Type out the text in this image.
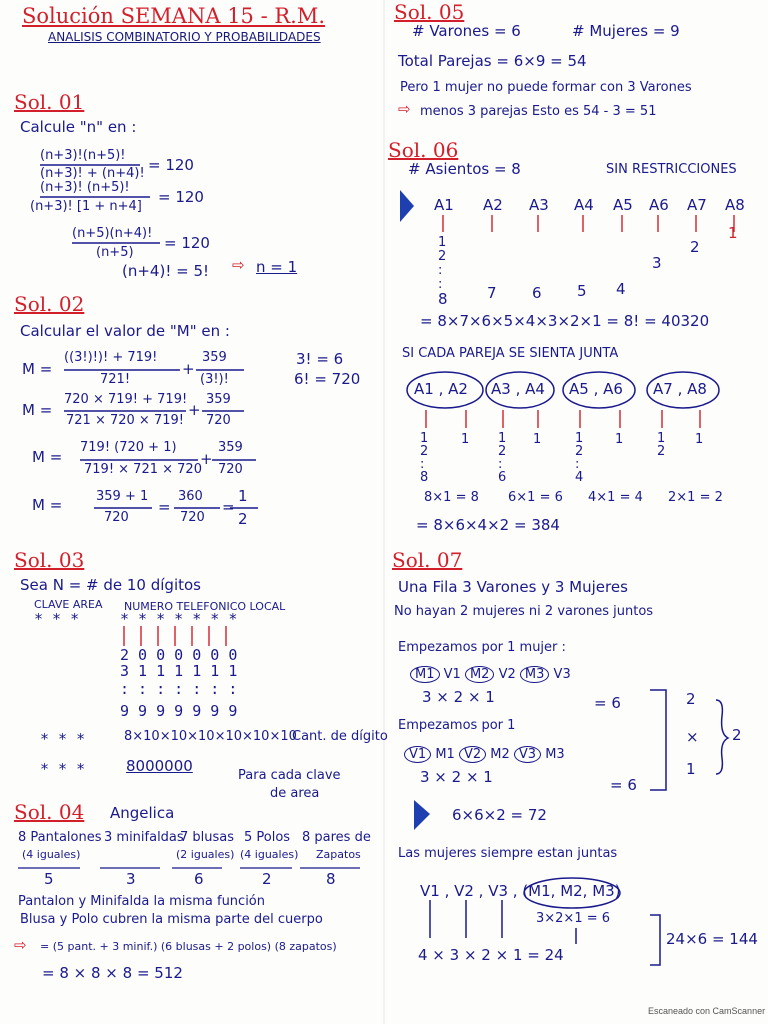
Solución SEMANA 15 - R.M.
ANALISIS COMBINATORIO Y PROBABILIDADES
Sol. 01
Calcule "n" en :
(n+3)!(n+5)!
(n+3)! + (n+4)! = 120
(n+3)! (n+5)!
(n+3)! [1 + n+4]
= 120
(n+5)(n+4)!
(n+5)
= 120
(n+4)! = 5! ⇨ n = 1
Sol. 02
Calcular el valor de "M" en :
M =
((3!)!)! + 719!
721!
+
359
(3!)!
3! = 6
6! = 720
M =
720 × 719! + 719!
721 × 720 × 719!
+
359
720
M =
719! (720 + 1)
719! × 721 × 720
+
359
720
M =	359 + 1
720
=
360
720
=
1
2
Sol. 03
Sea N = # de 10 dígitos
CLAVE AREA NUMERO TELEFONICO LOCAL
* * *	* * * * * * *
2 0 0 0 0 0 0
3 1 1 1 1 1 1
: : : : : : :
9 9 9 9 9 9 9
* * *	8×10×10×10×10×10×10
Cant. de dígito
* * *	8000000
Para cada clave
de area
Sol. 04 Angelica
8 Pantalones
(4 iguales)
3 minifaldas
7 blusas
(2 iguales)
5 Polos
(4 iguales)
8 pares de
Zapatos
5	3	6	2	8
Pantalon y Minifalda la misma función
Blusa y Polo cubren la misma parte del cuerpo
⇨ = (5 pant. + 3 minif.) (6 blusas + 2 polos) (8 zapatos)
= 8 × 8 × 8 = 512
Sol. 05
# Varones = 6	# Mujeres = 9
Total Parejas = 6×9 = 54
Pero 1 mujer no puede formar con 3 Varones
⇨ menos 3 parejas Esto es 54 - 3 = 51
Sol. 06
# Asientos = 8	SIN RESTRICCIONES
A1 A2 A3 A4 A5 A6 A7 A8
1
2
:
:
8	7 6 5 4
3
2
1
= 8×7×6×5×4×3×2×1 = 8! = 40320
SI CADA PAREJA SE SIENTA JUNTA
A1 , A2 A3 , A4 A5 , A6 A7 , A8
1
2
:
8
1 1
2
:
6
1	1
2
:
4
1	1
2
1
8×1 = 8 6×1 = 6 4×1 = 4 2×1 = 2
= 8×6×4×2 = 384
Sol. 07
Una Fila 3 Varones y 3 Mujeres
No hayan 2 mujeres ni 2 varones juntos
Empezamos por 1 mujer :
M1 V1 M2 V2 M3 V3
3 × 2 × 1	= 6
Empezamos por 1
V1 M1 V2 M2 V3 M3
3 × 2 × 1	= 6
2
×
1
2
6×6×2 = 72
Las mujeres siempre estan juntas
V1 , V2 , V3 , (M1, M2, M3)
3×2×1 = 6
4 × 3 × 2 × 1 = 24
24×6 = 144
Escaneado con CamScanner
